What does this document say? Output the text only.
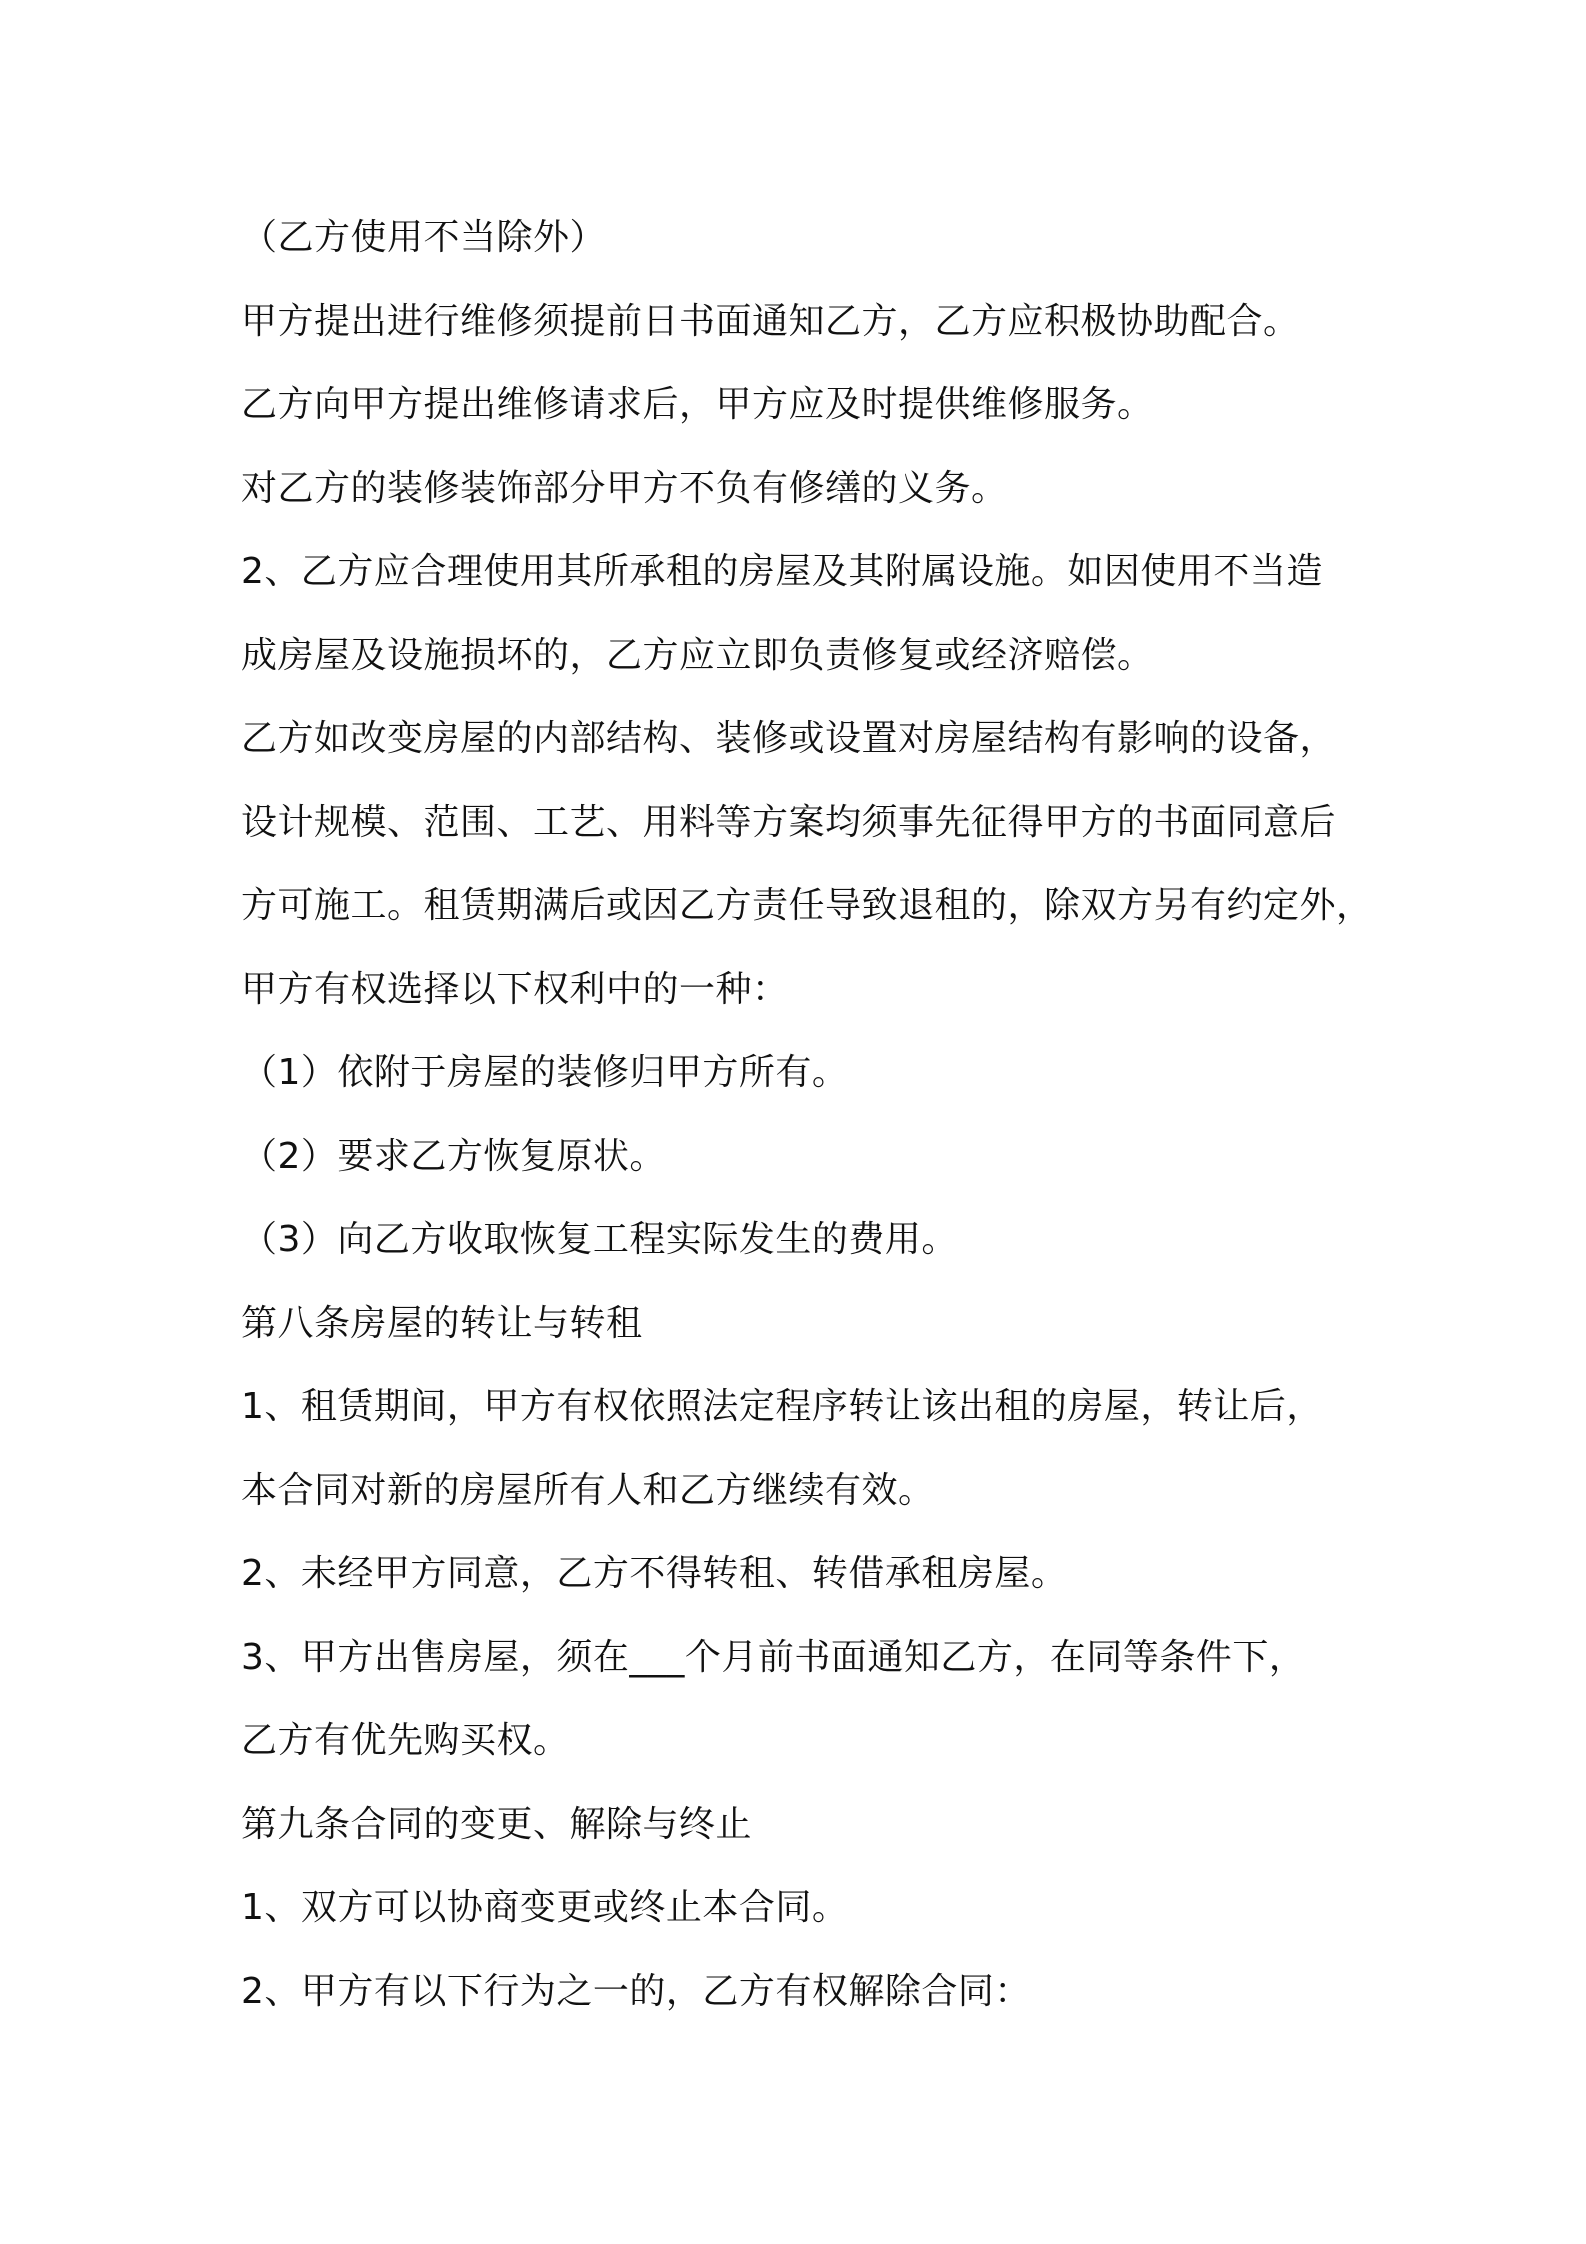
（乙方使用不当除外）
甲方提出进行维修须提前日书面通知乙方，乙方应积极协助配合。
乙方向甲方提出维修请求后，甲方应及时提供维修服务。
对乙方的装修装饰部分甲方不负有修缮的义务。
2、乙方应合理使用其所承租的房屋及其附属设施。如因使用不当造
成房屋及设施损坏的，乙方应立即负责修复或经济赔偿。
乙方如改变房屋的内部结构、装修或设置对房屋结构有影响的设备，
设计规模、范围、工艺、用料等方案均须事先征得甲方的书面同意后
方可施工。租赁期满后或因乙方责任导致退租的，除双方另有约定外，
甲方有权选择以下权利中的一种：
（1）依附于房屋的装修归甲方所有。
（2）要求乙方恢复原状。
（3）向乙方收取恢复工程实际发生的费用。
第八条房屋的转让与转租
1、租赁期间，甲方有权依照法定程序转让该出租的房屋，转让后，
本合同对新的房屋所有人和乙方继续有效。
2、未经甲方同意，乙方不得转租、转借承租房屋。
3、甲方出售房屋，须在___个月前书面通知乙方，在同等条件下，
乙方有优先购买权。
第九条合同的变更、解除与终止
1、双方可以协商变更或终止本合同。
2、甲方有以下行为之一的，乙方有权解除合同：
